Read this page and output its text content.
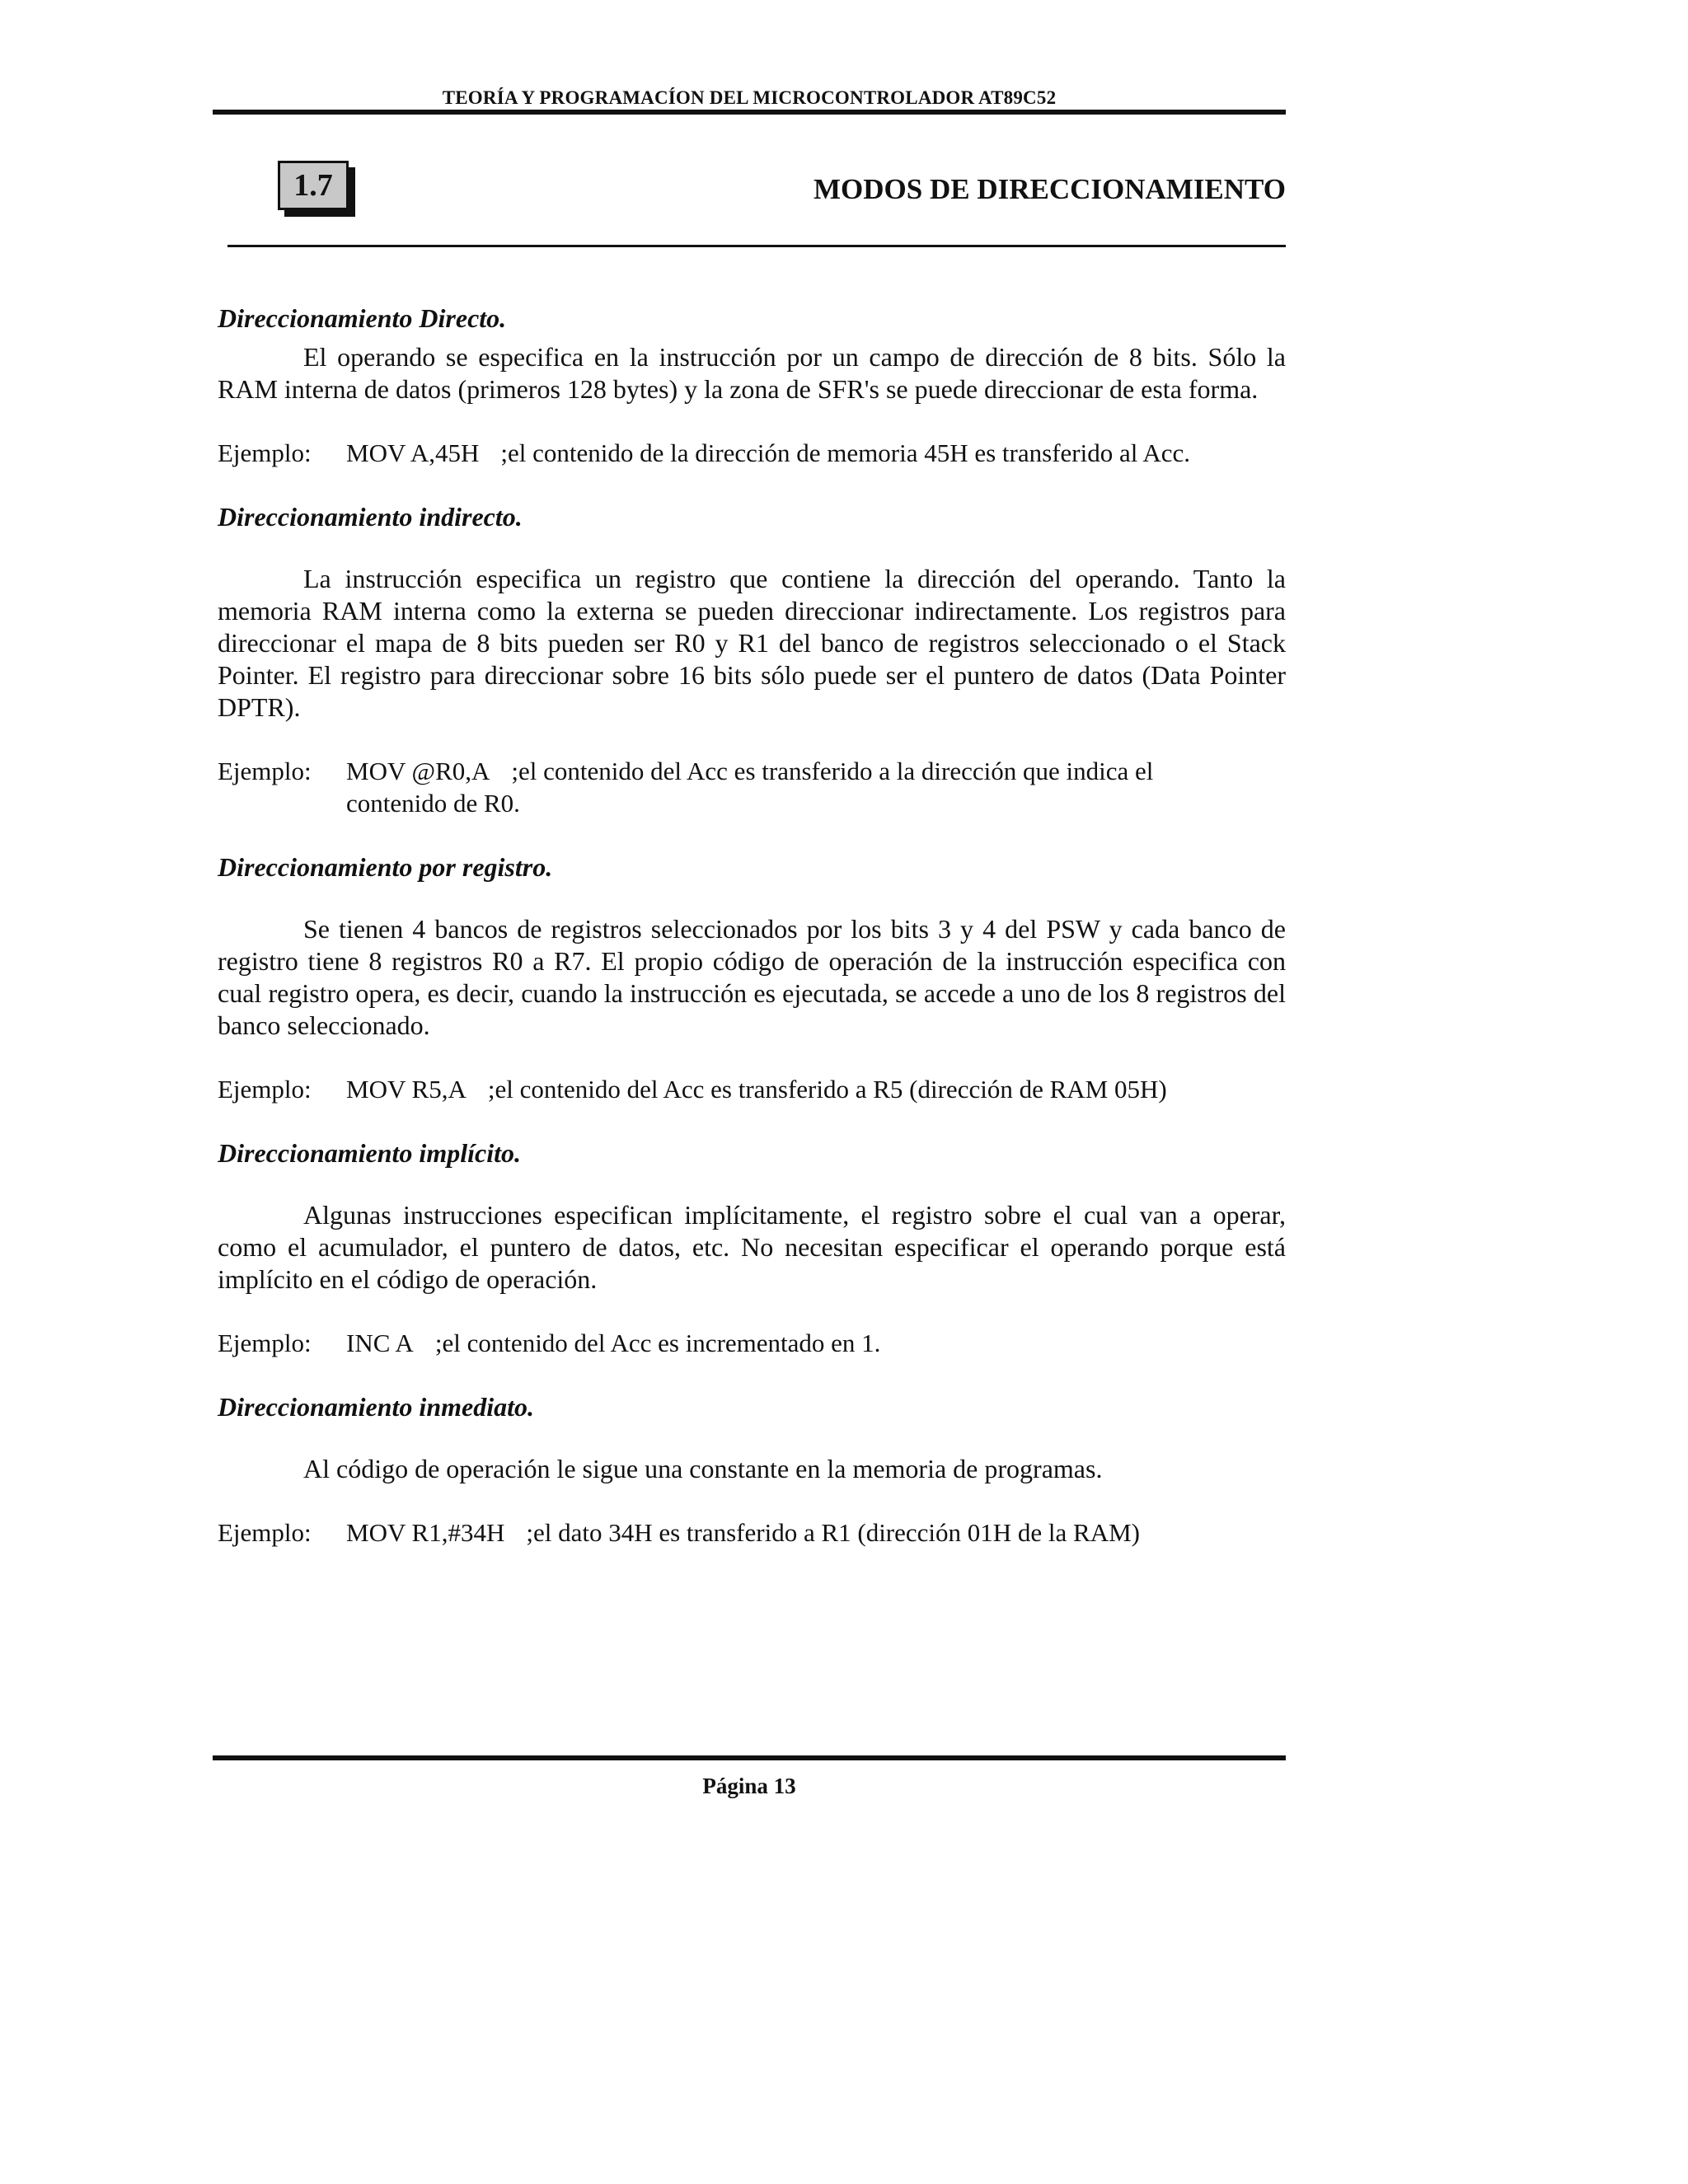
TEORÍA Y PROGRAMACÍON DEL MICROCONTROLADOR AT89C52
1.7	MODOS DE DIRECCIONAMIENTO

Direccionamiento Directo.

El operando se especifica en la instrucción por un campo de dirección de 8 bits. Sólo la RAM interna de datos (primeros 128 bytes) y la zona de SFR's se puede direccionar de esta forma.

Ejemplo:	MOV A,45H ;el contenido de la dirección de memoria 45H es transferido al Acc.

Direccionamiento indirecto.

La instrucción especifica un registro que contiene la dirección del operando. Tanto la memoria RAM interna como la externa se pueden direccionar indirectamente. Los registros para direccionar el mapa de 8 bits pueden ser R0 y R1 del banco de registros seleccionado o el Stack Pointer. El registro para direccionar sobre 16 bits sólo puede ser el puntero de datos (Data Pointer DPTR).

Ejemplo:	MOV @R0,A ;el contenido del Acc es transferido a la dirección que indica el
contenido de R0.

Direccionamiento por registro.

Se tienen 4 bancos de registros seleccionados por los bits 3 y 4 del PSW y cada banco de registro tiene 8 registros R0 a R7. El propio código de operación de la instrucción especifica con cual registro opera, es decir, cuando la instrucción es ejecutada, se accede a uno de los 8 registros del banco seleccionado.

Ejemplo:	MOV R5,A ;el contenido del Acc es transferido a R5 (dirección de RAM 05H)

Direccionamiento implícito.

Algunas instrucciones especifican implícitamente, el registro sobre el cual van a operar, como el acumulador, el puntero de datos, etc. No necesitan especificar el operando porque está implícito en el código de operación.

Ejemplo:	INC A ;el contenido del Acc es incrementado en 1.

Direccionamiento inmediato.

Al código de operación le sigue una constante en la memoria de programas.

Ejemplo:	MOV R1,#34H ;el dato 34H es transferido a R1 (dirección 01H de la RAM)
Página 13
